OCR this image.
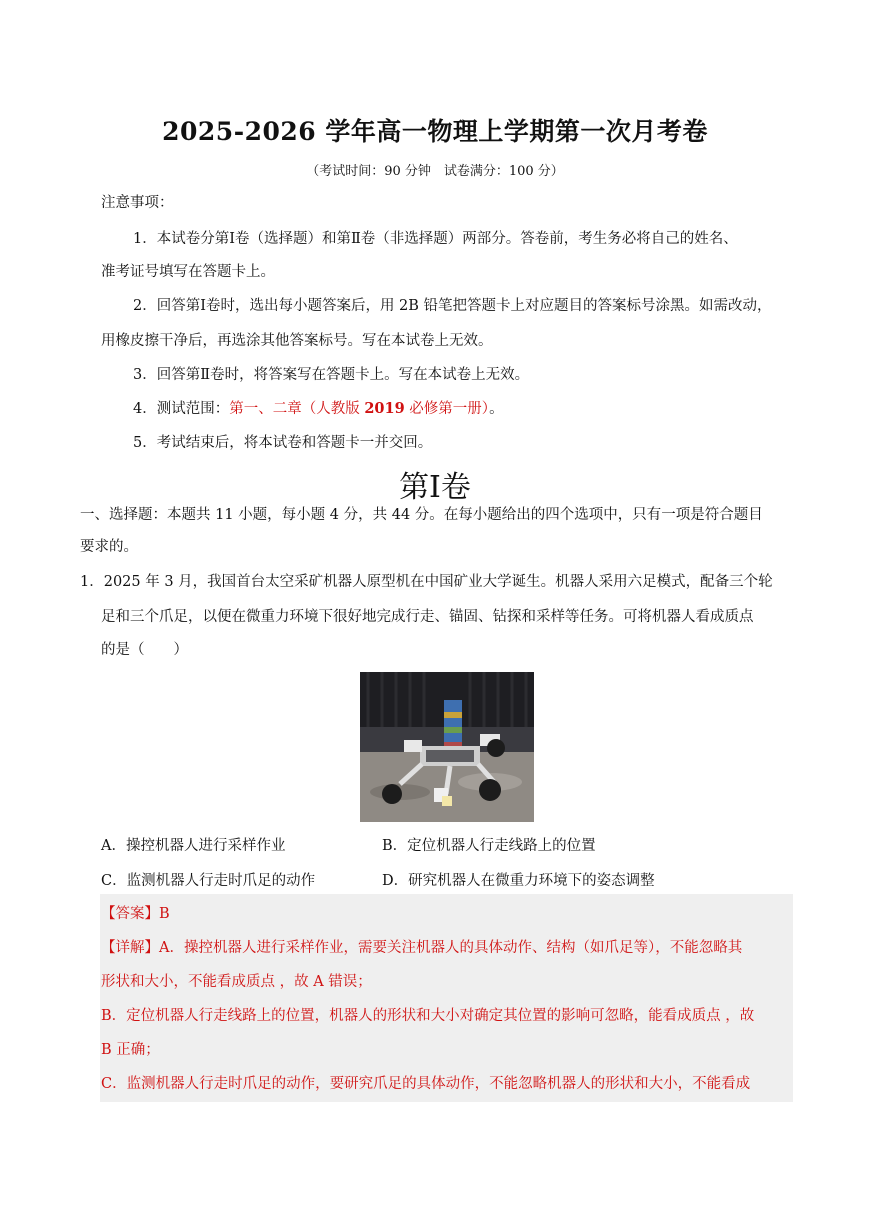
2025-2026 学年高一物理上学期第一次月考卷
（考试时间：90 分钟　试卷满分：100 分）
注意事项：
1．本试卷分第Ⅰ卷（选择题）和第Ⅱ卷（非选择题）两部分。答卷前，考生务必将自己的姓名、
准考证号填写在答题卡上。
2．回答第Ⅰ卷时，选出每小题答案后，用 2B 铅笔把答题卡上对应题目的答案标号涂黑。如需改动，
用橡皮擦干净后，再选涂其他答案标号。写在本试卷上无效。
3．回答第Ⅱ卷时，将答案写在答题卡上。写在本试卷上无效。
4．测试范围：第一、二章（人教版 2019 必修第一册）。
5．考试结束后，将本试卷和答题卡一并交回。
第Ⅰ卷
一、选择题：本题共 11 小题，每小题 4 分，共 44 分。在每小题给出的四个选项中，只有一项是符合题目
要求的。
1．2025 年 3 月，我国首台太空采矿机器人原型机在中国矿业大学诞生。机器人采用六足模式，配备三个轮
足和三个爪足，以便在微重力环境下很好地完成行走、锚固、钻探和采样等任务。可将机器人看成质点
的是（　　）
A．操控机器人进行采样作业	B．定位机器人行走线路上的位置
C．监测机器人行走时爪足的动作	D．研究机器人在微重力环境下的姿态调整
【答案】B
【详解】A．操控机器人进行采样作业，需要关注机器人的具体动作、结构（如爪足等），不能忽略其
形状和大小，不能看成质点 ，故 A 错误；
B．定位机器人行走线路上的位置，机器人的形状和大小对确定其位置的影响可忽略，能看成质点 ，故
B 正确；
C．监测机器人行走时爪足的动作，要研究爪足的具体动作，不能忽略机器人的形状和大小，不能看成
